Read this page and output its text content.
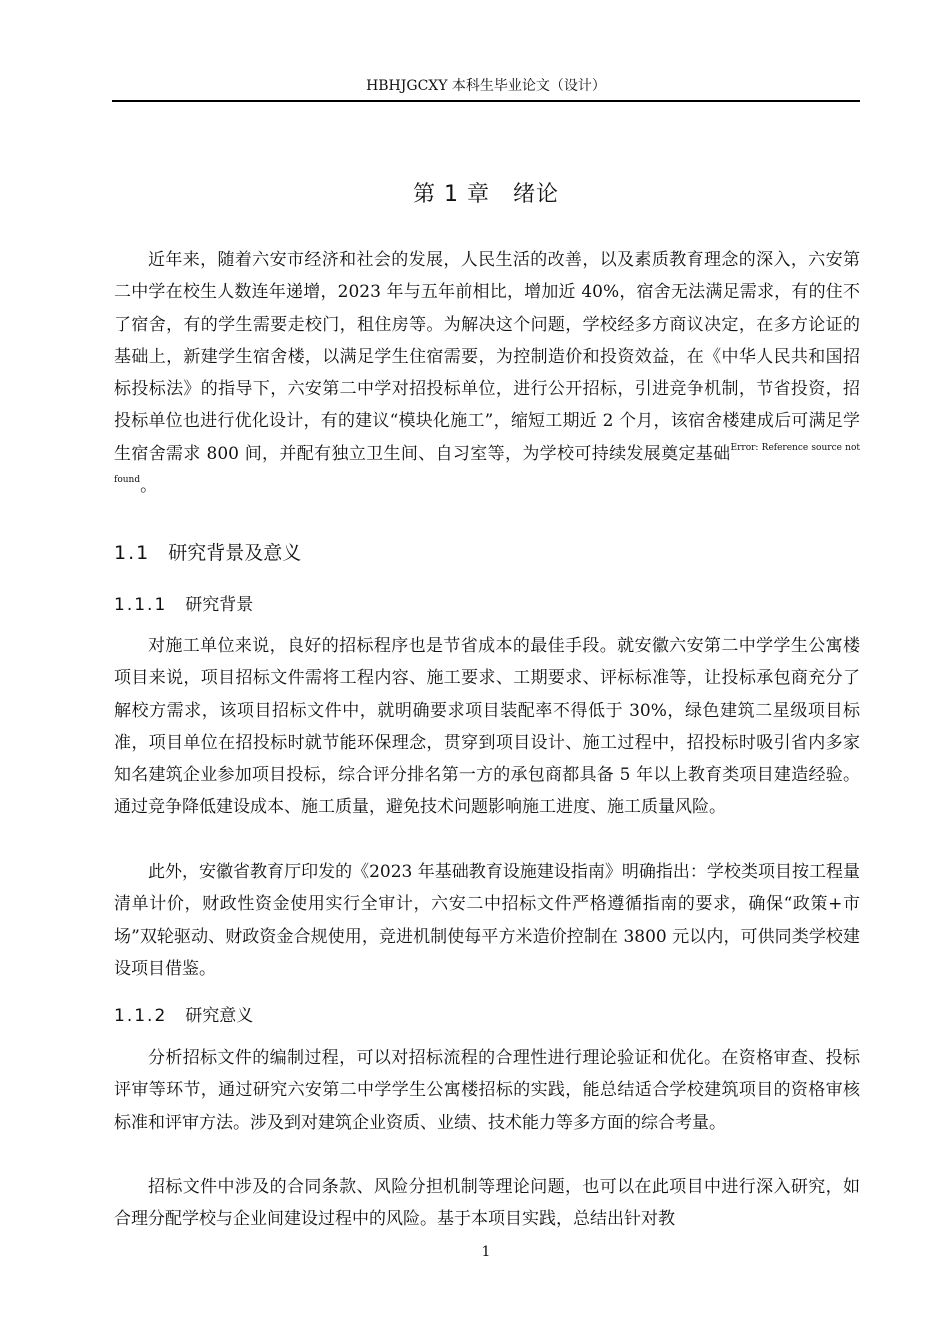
HBHJGCXY 本科生毕业论文（设计）
第 1 章　绪论

近年来，随着六安市经济和社会的发展，人民生活的改善，以及素质教育理念的深入，六安第二中学在校生人数连年递增，2023 年与五年前相比，增加近 40%，宿舍无法满足需求，有的住不了宿舍，有的学生需要走校门，租住房等。为解决这个问题，学校经多方商议决定，在多方论证的基础上，新建学生宿舍楼，以满足学生住宿需要，为控制造价和投资效益，在《中华人民共和国招标投标法》的指导下，六安第二中学对招投标单位，进行公开招标，引进竞争机制，节省投资，招投标单位也进行优化设计，有的建议“模块化施工”，缩短工期近 2 个月，该宿舍楼建成后可满足学生宿舍需求 800 间，并配有独立卫生间、自习室等，为学校可持续发展奠定基础$^{Error: Reference source not found}$。

1.1 研究背景及意义
1.1.1 研究背景

对施工单位来说，良好的招标程序也是节省成本的最佳手段。就安徽六安第二中学学生公寓楼项目来说，项目招标文件需将工程内容、施工要求、工期要求、评标标准等，让投标承包商充分了解校方需求，该项目招标文件中，就明确要求项目装配率不得低于 30%，绿色建筑二星级项目标准，项目单位在招投标时就节能环保理念，贯穿到项目设计、施工过程中，招投标时吸引省内多家知名建筑企业参加项目投标，综合评分排名第一方的承包商都具备 5 年以上教育类项目建造经验。通过竞争降低建设成本、施工质量，避免技术问题影响施工进度、施工质量风险。

此外，安徽省教育厅印发的《2023 年基础教育设施建设指南》明确指出：学校类项目按工程量清单计价，财政性资金使用实行全审计，六安二中招标文件严格遵循指南的要求，确保“政策+市场”双轮驱动、财政资金合规使用，竞进机制使每平方米造价控制在 3800 元以内，可供同类学校建设项目借鉴。

1.1.2 研究意义

分析招标文件的编制过程，可以对招标流程的合理性进行理论验证和优化。在资格审查、投标评审等环节，通过研究六安第二中学学生公寓楼招标的实践，能总结适合学校建筑项目的资格审核标准和评审方法。涉及到对建筑企业资质、业绩、技术能力等多方面的综合考量。

招标文件中涉及的合同条款、风险分担机制等理论问题，也可以在此项目中进行深入研究，如合理分配学校与企业间建设过程中的风险。基于本项目实践，总结出针对教

1
